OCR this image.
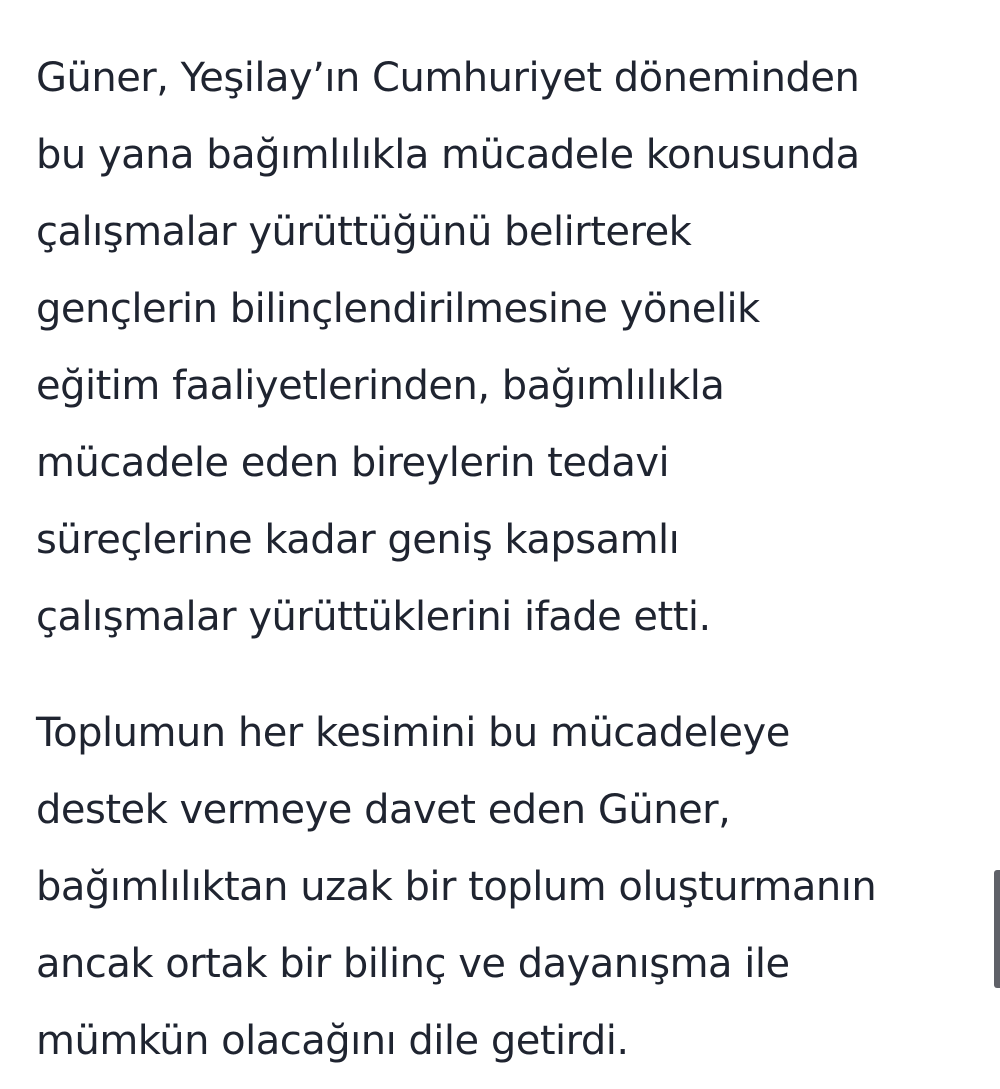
Güner, Yeşilay’ın Cumhuriyet döneminden
bu yana bağımlılıkla mücadele konusunda
çalışmalar yürüttüğünü belirterek
gençlerin bilinçlendirilmesine yönelik
eğitim faaliyetlerinden, bağımlılıkla
mücadele eden bireylerin tedavi
süreçlerine kadar geniş kapsamlı
çalışmalar yürüttüklerini ifade etti.

Toplumun her kesimini bu mücadeleye
destek vermeye davet eden Güner,
bağımlılıktan uzak bir toplum oluşturmanın
ancak ortak bir bilinç ve dayanışma ile
mümkün olacağını dile getirdi.
